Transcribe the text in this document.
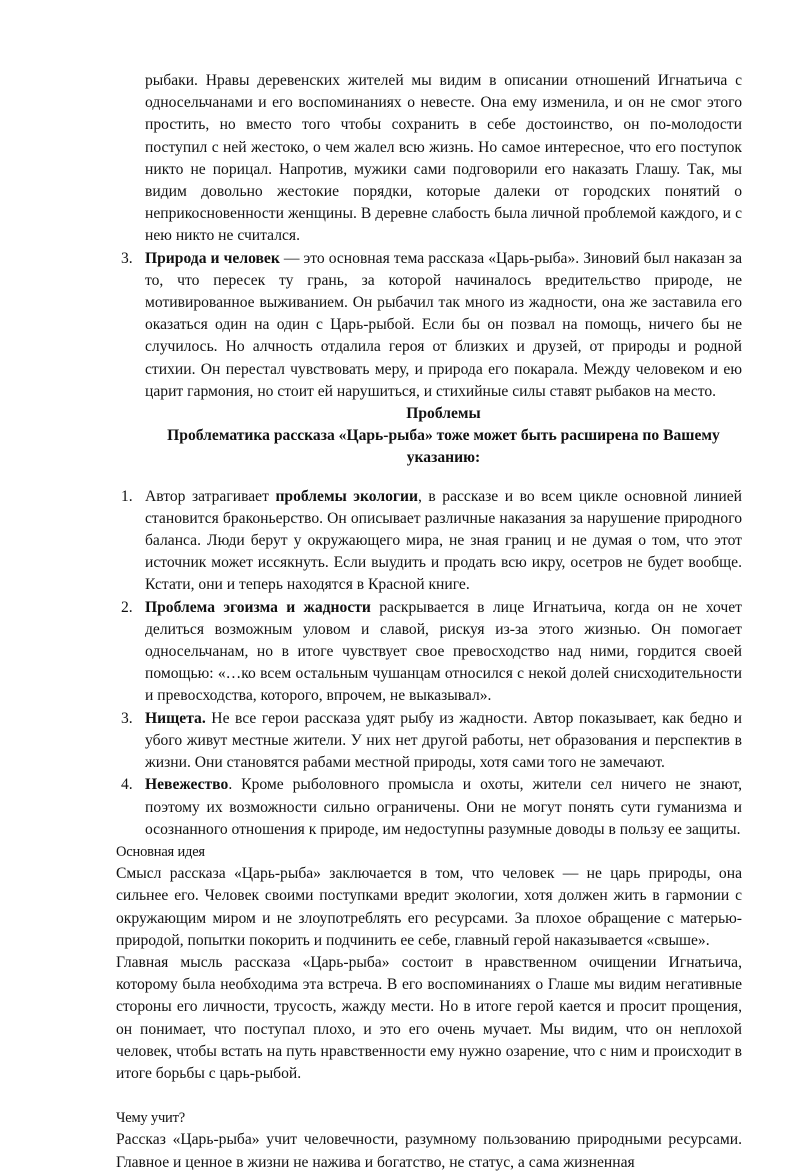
рыбаки. Нравы деревенских жителей мы видим в описании отношений Игнатьича с односельчанами и его воспоминаниях о невесте. Она ему изменила, и он не смог этого простить, но вместо того чтобы сохранить в себе достоинство, он по-молодости поступил с ней жестоко, о чем жалел всю жизнь. Но самое интересное, что его поступок никто не порицал. Напротив, мужики сами подговорили его наказать Глашу. Так, мы видим довольно жестокие порядки, которые далеки от городских понятий о неприкосновенности женщины. В деревне слабость была личной проблемой каждого, и с нею никто не считался.

3. Природа и человек — это основная тема рассказа «Царь-рыба». Зиновий был наказан за то, что пересек ту грань, за которой начиналось вредительство природе, не мотивированное выживанием. Он рыбачил так много из жадности, она же заставила его оказаться один на один с Царь-рыбой. Если бы он позвал на помощь, ничего бы не случилось. Но алчность отдалила героя от близких и друзей, от природы и родной стихии. Он перестал чувствовать меру, и природа его покарала. Между человеком и ею царит гармония, но стоит ей нарушиться, и стихийные силы ставят рыбаков на место.

Проблемы

Проблематика рассказа «Царь-рыба» тоже может быть расширена по Вашему указанию:

1. Автор затрагивает проблемы экологии, в рассказе и во всем цикле основной линией становится браконьерство. Он описывает различные наказания за нарушение природного баланса. Люди берут у окружающего мира, не зная границ и не думая о том, что этот источник может иссякнуть. Если выудить и продать всю икру, осетров не будет вообще. Кстати, они и теперь находятся в Красной книге.
2. Проблема эгоизма и жадности раскрывается в лице Игнатьича, когда он не хочет делиться возможным уловом и славой, рискуя из-за этого жизнью. Он помогает односельчанам, но в итоге чувствует свое превосходство над ними, гордится своей помощью: «…ко всем остальным чушанцам относился с некой долей снисходительности и превосходства, которого, впрочем, не выказывал».
3. Нищета. Не все герои рассказа удят рыбу из жадности. Автор показывает, как бедно и убого живут местные жители. У них нет другой работы, нет образования и перспектив в жизни. Они становятся рабами местной природы, хотя сами того не замечают.
4. Невежество. Кроме рыболовного промысла и охоты, жители сел ничего не знают, поэтому их возможности сильно ограничены. Они не могут понять сути гуманизма и осознанного отношения к природе, им недоступны разумные доводы в пользу ее защиты.

Основная идея

Смысл рассказа «Царь-рыба» заключается в том, что человек — не царь природы, она сильнее его. Человек своими поступками вредит экологии, хотя должен жить в гармонии с окружающим миром и не злоупотреблять его ресурсами. За плохое обращение с матерью-природой, попытки покорить и подчинить ее себе, главный герой наказывается «свыше».

Главная мысль рассказа «Царь-рыба» состоит в нравственном очищении Игнатьича, которому была необходима эта встреча. В его воспоминаниях о Глаше мы видим негативные стороны его личности, трусость, жажду мести. Но в итоге герой кается и просит прощения, он понимает, что поступал плохо, и это его очень мучает. Мы видим, что он неплохой человек, чтобы встать на путь нравственности ему нужно озарение, что с ним и происходит в итоге борьбы с царь-рыбой.

Чему учит?

Рассказ «Царь-рыба» учит человечности, разумному пользованию природными ресурсами. Главное и ценное в жизни не нажива и богатство, не статус, а сама жизненная
